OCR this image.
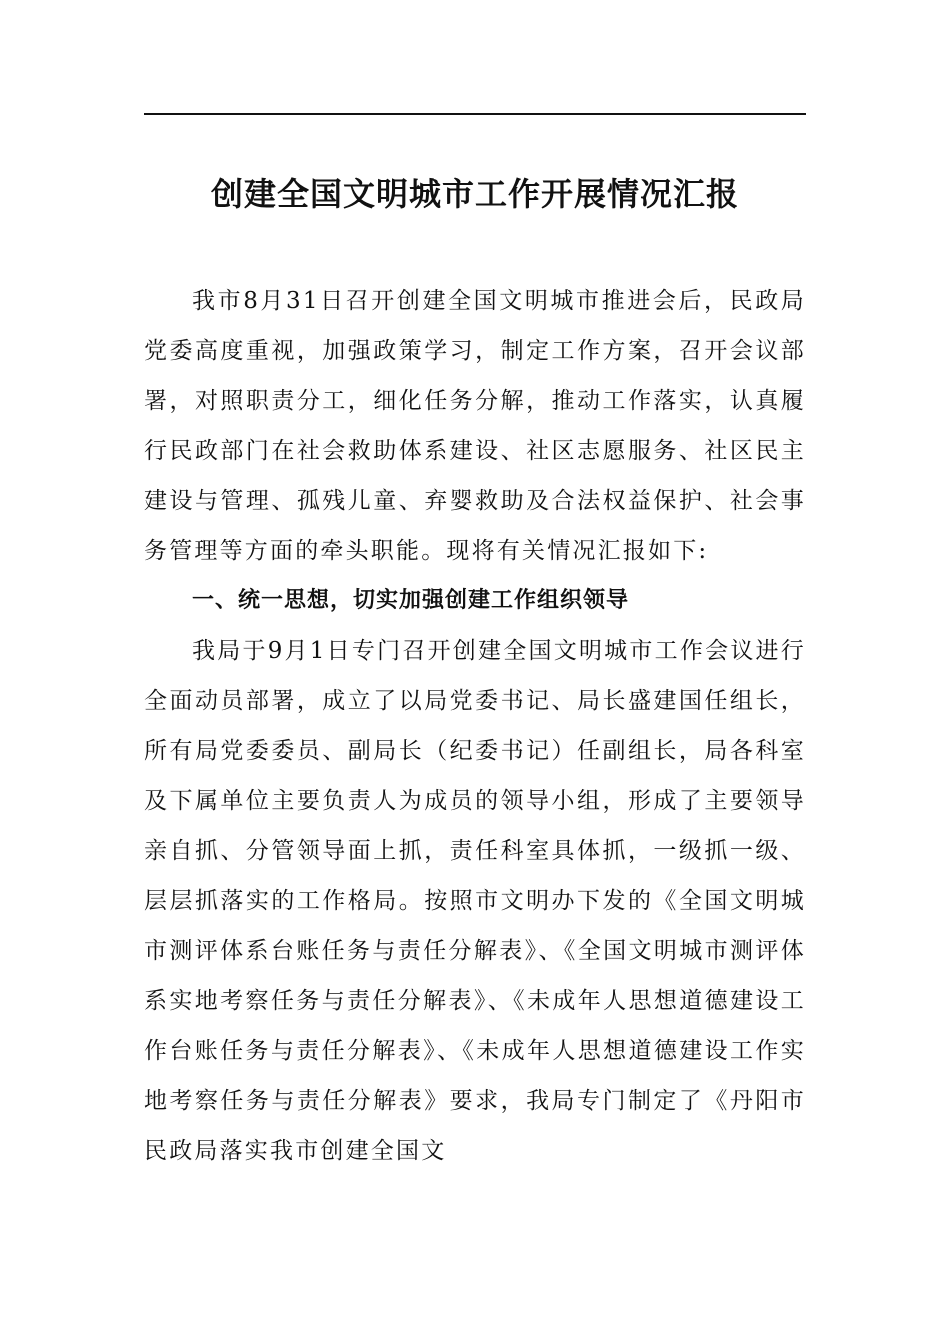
创建全国文明城市工作开展情况汇报

我市8月31日召开创建全国文明城市推进会后，民政局党委高度重视，加强政策学习，制定工作方案，召开会议部署，对照职责分工，细化任务分解，推动工作落实，认真履行民政部门在社会救助体系建设、社区志愿服务、社区民主建设与管理、孤残儿童、弃婴救助及合法权益保护、社会事务管理等方面的牵头职能。现将有关情况汇报如下:

一、统一思想，切实加强创建工作组织领导

我局于9月1日专门召开创建全国文明城市工作会议进行全面动员部署，成立了以局党委书记、局长盛建国任组长，所有局党委委员、副局长（纪委书记）任副组长，局各科室及下属单位主要负责人为成员的领导小组，形成了主要领导亲自抓、分管领导面上抓，责任科室具体抓，一级抓一级、层层抓落实的工作格局。按照市文明办下发的《全国文明城市测评体系台账任务与责任分解表》、《全国文明城市测评体系实地考察任务与责任分解表》、《未成年人思想道德建设工作台账任务与责任分解表》、《未成年人思想道德建设工作实地考察任务与责任分解表》要求，我局专门制定了《丹阳市民政局落实我市创建全国文
